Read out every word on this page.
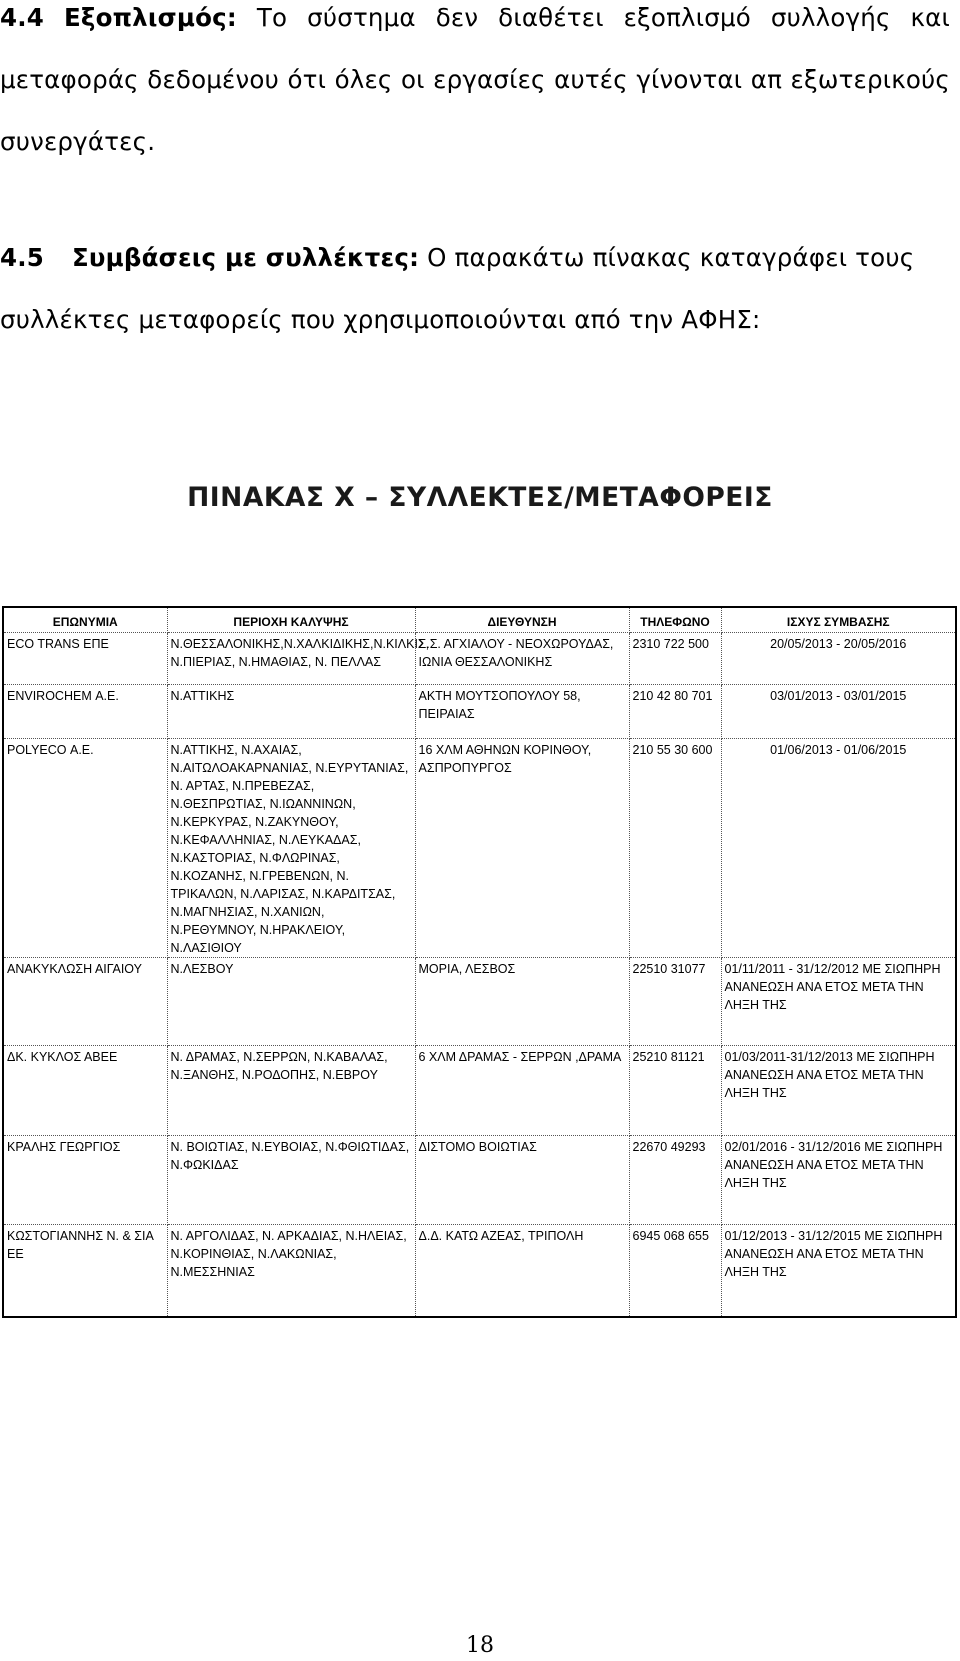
4.4 Εξοπλισμός: Το σύστημα δεν διαθέτει εξοπλισμό συλλογής και μεταφοράς δεδομένου ότι όλες οι εργασίες αυτές γίνονται απ εξωτερικούς συνεργάτες.
4.5 Συμβάσεις με συλλέκτες: Ο παρακάτω πίνακας καταγράφει τους συλλέκτες μεταφορείς που χρησιμοποιούνται από την ΑΦΗΣ:
ΠΙΝΑΚΑΣ Χ – ΣΥΛΛΕΚΤΕΣ/ΜΕΤΑΦΟΡΕΙΣ
ΕΠΩΝΥΜΙΑ	ΠΕΡΙΟΧΗ ΚΑΛΥΨΗΣ	ΔΙΕΥΘΥΝΣΗ	ΤΗΛΕΦΩΝΟ	ΙΣΧΥΣ ΣΥΜΒΑΣΗΣ
ECO TRANS ΕΠΕ	Ν.ΘΕΣΣΑΛΟΝΙΚΗΣ,Ν.ΧΑΛΚΙΔΙΚΗΣ,Ν.ΚΙΛΚΙΣ, Ν.ΠΙΕΡΙΑΣ, Ν.ΗΜΑΘΙΑΣ, Ν. ΠΕΛΛΑΣ	Σ.Σ. ΑΓΧΙΑΛΟΥ - ΝΕΟΧΩΡΟΥΔΑΣ, ΙΩΝΙΑ ΘΕΣΣΑΛΟΝΙΚΗΣ	2310 722 500	20/05/2013 - 20/05/2016
ENVIROCHEM Α.Ε.	Ν.ΑΤΤΙΚΗΣ	ΑΚΤΗ ΜΟΥΤΣΟΠΟΥΛΟΥ 58, ΠΕΙΡΑΙΑΣ	210 42 80 701	03/01/2013 - 03/01/2015
POLYECO Α.Ε.	Ν.ΑΤΤΙΚΗΣ, Ν.ΑΧΑΙΑΣ, Ν.ΑΙΤΩΛΟΑΚΑΡΝΑΝΙΑΣ, Ν.ΕΥΡΥΤΑΝΙΑΣ, Ν. ΑΡΤΑΣ, Ν.ΠΡΕΒΕΖΑΣ, Ν.ΘΕΣΠΡΩΤΙΑΣ, Ν.ΙΩΑΝΝΙΝΩΝ, Ν.ΚΕΡΚΥΡΑΣ, Ν.ΖΑΚΥΝΘΟΥ, Ν.ΚΕΦΑΛΛΗΝΙΑΣ, Ν.ΛΕΥΚΑΔΑΣ, Ν.ΚΑΣΤΟΡΙΑΣ, Ν.ΦΛΩΡΙΝΑΣ, Ν.ΚΟΖΑΝΗΣ, Ν.ΓΡΕΒΕΝΩΝ, Ν. ΤΡΙΚΑΛΩΝ, Ν.ΛΑΡΙΣΑΣ, Ν.ΚΑΡΔΙΤΣΑΣ, Ν.ΜΑΓΝΗΣΙΑΣ, Ν.ΧΑΝΙΩΝ, Ν.ΡΕΘΥΜΝΟΥ, Ν.ΗΡΑΚΛΕΙΟΥ, Ν.ΛΑΣΙΘΙΟΥ	16 ΧΛΜ ΑΘΗΝΩΝ ΚΟΡΙΝΘΟΥ, ΑΣΠΡΟΠΥΡΓΟΣ	210 55 30 600	01/06/2013 - 01/06/2015
ΑΝΑΚΥΚΛΩΣΗ ΑΙΓΑΙΟΥ	Ν.ΛΕΣΒΟΥ	ΜΟΡΙΑ, ΛΕΣΒΟΣ	22510 31077	01/11/2011 - 31/12/2012 ΜΕ ΣΙΩΠΗΡΗ ΑΝΑΝΕΩΣΗ ΑΝΑ ΕΤΟΣ ΜΕΤΑ ΤΗΝ ΛΗΞΗ ΤΗΣ
ΔΚ. ΚΥΚΛΟΣ ΑΒΕΕ	Ν. ΔΡΑΜΑΣ, Ν.ΣΕΡΡΩΝ, Ν.ΚΑΒΑΛΑΣ, Ν.ΞΑΝΘΗΣ, Ν.ΡΟΔΟΠΗΣ, Ν.ΕΒΡΟΥ	6 ΧΛΜ ΔΡΑΜΑΣ - ΣΕΡΡΩΝ ,ΔΡΑΜΑ	25210 81121	01/03/2011-31/12/2013 ΜΕ ΣΙΩΠΗΡΗ ΑΝΑΝΕΩΣΗ ΑΝΑ ΕΤΟΣ ΜΕΤΑ ΤΗΝ ΛΗΞΗ ΤΗΣ
ΚΡΑΛΗΣ ΓΕΩΡΓΙΟΣ	Ν. ΒΟΙΩΤΙΑΣ, Ν.ΕΥΒΟΙΑΣ, Ν.ΦΘΙΩΤΙΔΑΣ, Ν.ΦΩΚΙΔΑΣ	ΔΙΣΤΟΜΟ ΒΟΙΩΤΙΑΣ	22670 49293	02/01/2016 - 31/12/2016 ΜΕ ΣΙΩΠΗΡΗ ΑΝΑΝΕΩΣΗ ΑΝΑ ΕΤΟΣ ΜΕΤΑ ΤΗΝ ΛΗΞΗ ΤΗΣ
ΚΩΣΤΟΓΙΑΝΝΗΣ Ν. & ΣΙΑ ΕΕ	Ν. ΑΡΓΟΛΙΔΑΣ, Ν. ΑΡΚΑΔΙΑΣ, Ν.ΗΛΕΙΑΣ, Ν.ΚΟΡΙΝΘΙΑΣ, Ν.ΛΑΚΩΝΙΑΣ, Ν.ΜΕΣΣΗΝΙΑΣ	Δ.Δ. ΚΑΤΩ ΑΖΕΑΣ, ΤΡΙΠΟΛΗ	6945 068 655	01/12/2013 - 31/12/2015 ΜΕ ΣΙΩΠΗΡΗ ΑΝΑΝΕΩΣΗ ΑΝΑ ΕΤΟΣ ΜΕΤΑ ΤΗΝ ΛΗΞΗ ΤΗΣ
18
